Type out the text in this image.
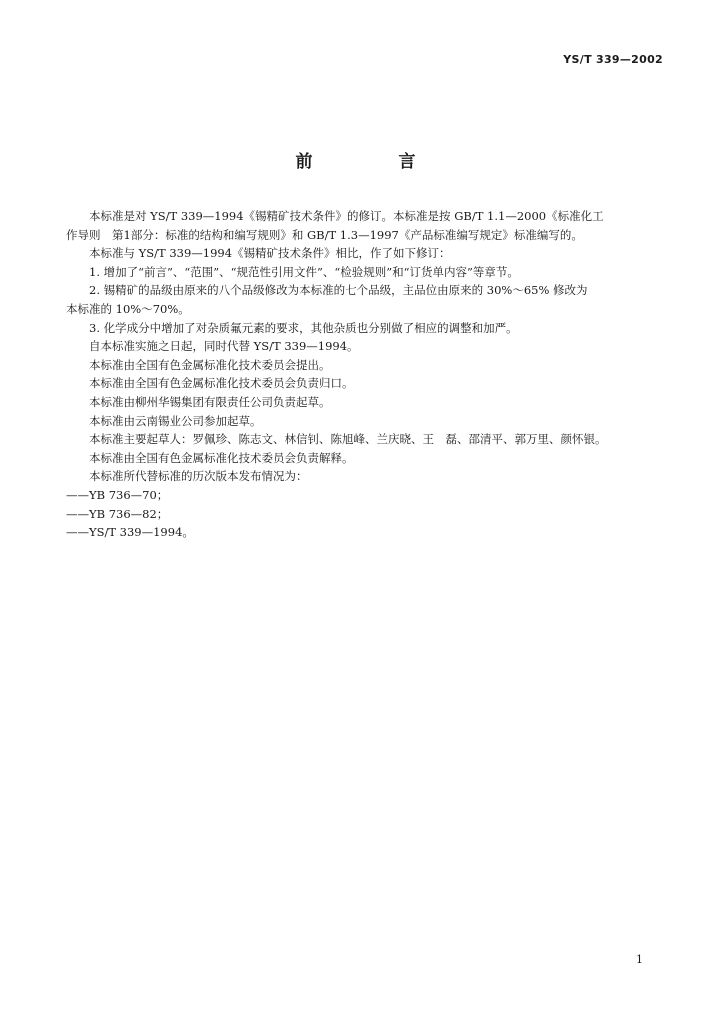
YS/T 339—2002
前 言

本标准是对 YS/T 339—1994《锡精矿技术条件》的修订。本标准是按 GB/T 1.1—2000《标准化工

作导则　第1部分：标准的结构和编写规则》和 GB/T 1.3—1997《产品标准编写规定》标准编写的。

本标准与 YS/T 339—1994《锡精矿技术条件》相比，作了如下修订：

1. 增加了“前言”、“范围”、“规范性引用文件”、“检验规则”和“订货单内容”等章节。

2. 锡精矿的品级由原来的八个品级修改为本标准的七个品级，主品位由原来的 30%～65% 修改为

本标准的 10%～70%。

3. 化学成分中增加了对杂质氟元素的要求，其他杂质也分别做了相应的调整和加严。

自本标准实施之日起，同时代替 YS/T 339—1994。

本标准由全国有色金属标准化技术委员会提出。

本标准由全国有色金属标准化技术委员会负责归口。

本标准由柳州华锡集团有限责任公司负责起草。

本标准由云南锡业公司参加起草。

本标准主要起草人：罗佩珍、陈志文、林信钊、陈旭峰、兰庆晓、王　磊、邵清平、郭万里、颜怀银。

本标准由全国有色金属标准化技术委员会负责解释。

本标准所代替标准的历次版本发布情况为：

——YB 736—70；

——YB 736—82；

——YS/T 339—1994。

1
